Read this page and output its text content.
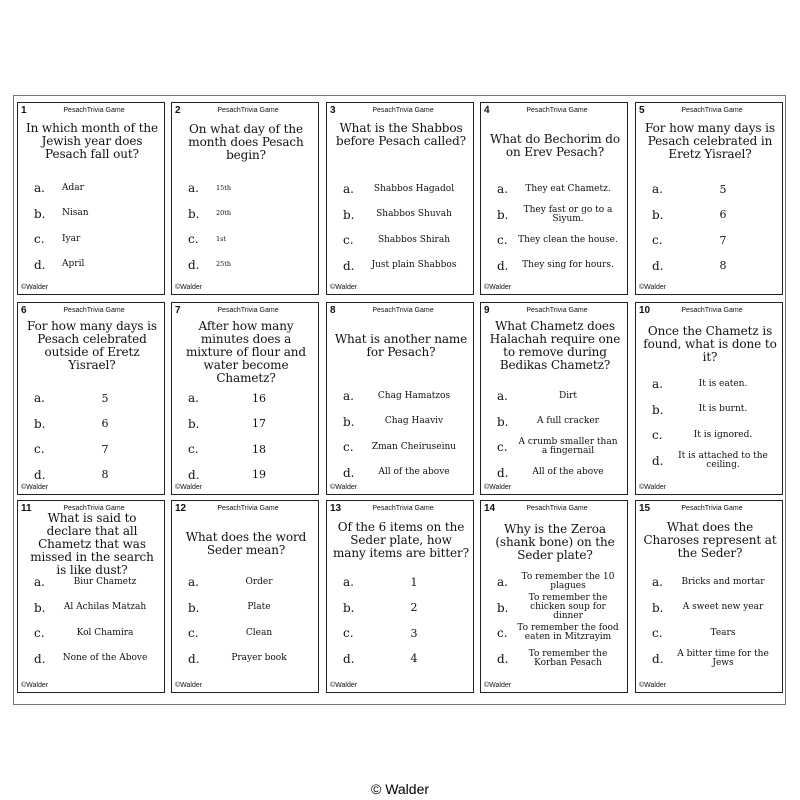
1	PesachTrivia Game
In which month of the Jewish year does Pesach fall out?
a.	Adar
b.	Nisan
c.	Iyar
d.	April
©Walder
2	PesachTrivia Game
On what day of the month does Pesach begin?
a.	15th
b.	20th
c.	1st
d.	25th
©Walder
3	PesachTrivia Game
What is the Shabbos before Pesach called?
a.	Shabbos Hagadol
b.	Shabbos Shuvah
c.	Shabbos Shirah
d.	Just plain Shabbos
©Walder
4	PesachTrivia Game
What do Bechorim do on Erev Pesach?
a.	They eat Chametz.
b.	They fast or go to a Siyum.
c.	They clean the house.
d.	They sing for hours.
©Walder
5	PesachTrivia Game
For how many days is Pesach celebrated in Eretz Yisrael?
a.	5
b.	6
c.	7
d.	8
©Walder
6	PesachTrivia Game
For how many days is Pesach celebrated outside of Eretz Yisrael?
a.	5
b.	6
c.	7
d.	8
©Walder
7	PesachTrivia Game
After how many minutes does a mixture of flour and water become Chametz?
a.	16
b.	17
c.	18
d.	19
©Walder
8	PesachTrivia Game
What is another name for Pesach?
a.	Chag Hamatzos
b.	Chag Haaviv
c.	Zman Cheiruseinu
d.	All of the above
©Walder
9	PesachTrivia Game
What Chametz does Halachah require one to remove during Bedikas Chametz?
a.	Dirt
b.	A full cracker
c.	A crumb smaller than a fingernail
d.	All of the above
©Walder
10	PesachTrivia Game
Once the Chametz is found, what is done to it?
a.	It is eaten.
b.	It is burnt.
c.	It is ignored.
d.	It is attached to the ceiling.
©Walder
11	PesachTrivia Game
What is said to declare that all Chametz that was missed in the search is like dust?
a.	Biur Chametz
b.	Al Achilas Matzah
c.	Kol Chamira
d.	None of the Above
©Walder
12	PesachTrivia Game
What does the word Seder mean?
a.	Order
b.	Plate
c.	Clean
d.	Prayer book
©Walder
13	PesachTrivia Game
Of the 6 items on the Seder plate, how many items are bitter?
a.	1
b.	2
c.	3
d.	4
©Walder
14	PesachTrivia Game
Why is the Zeroa (shank bone) on the Seder plate?
a.	To remember the 10 plagues
b.
To remember the chicken soup for dinner
c.	To remember the food eaten in Mitzrayim
d.	To remember the Korban Pesach
©Walder
15	PesachTrivia Game
What does the Charoses represent at the Seder?
a.	Bricks and mortar
b.	A sweet new year
c.	Tears
d.	A bitter time for the Jews
©Walder
© Walder
